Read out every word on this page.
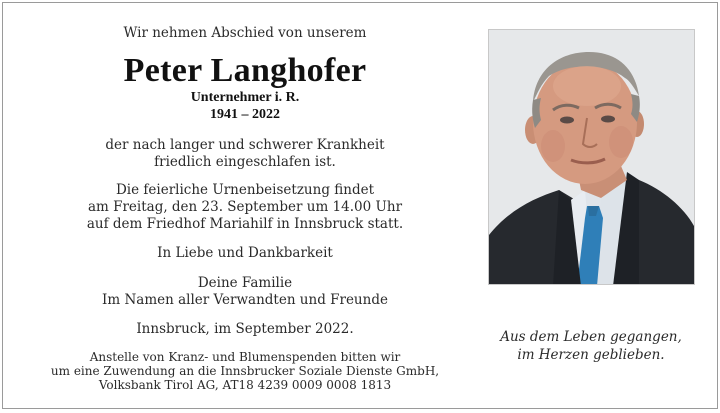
Wir nehmen Abschied von unserem
Peter Langhofer
Unternehmer i. R.
1941 – 2022
der nach langer und schwerer Krankheit
friedlich eingeschlafen ist.
Die feierliche Urnenbeisetzung findet
am Freitag, den 23. September um 14.00 Uhr
auf dem Friedhof Mariahilf in Innsbruck statt.
In Liebe und Dankbarkeit
Deine Familie
Im Namen aller Verwandten und Freunde
Innsbruck, im September 2022.
Anstelle von Kranz- und Blumenspenden bitten wir
um eine Zuwendung an die Innsbrucker Soziale Dienste GmbH,
Volksbank Tirol AG, AT18 4239 0009 0008 1813
Aus dem Leben gegangen,
im Herzen geblieben.
